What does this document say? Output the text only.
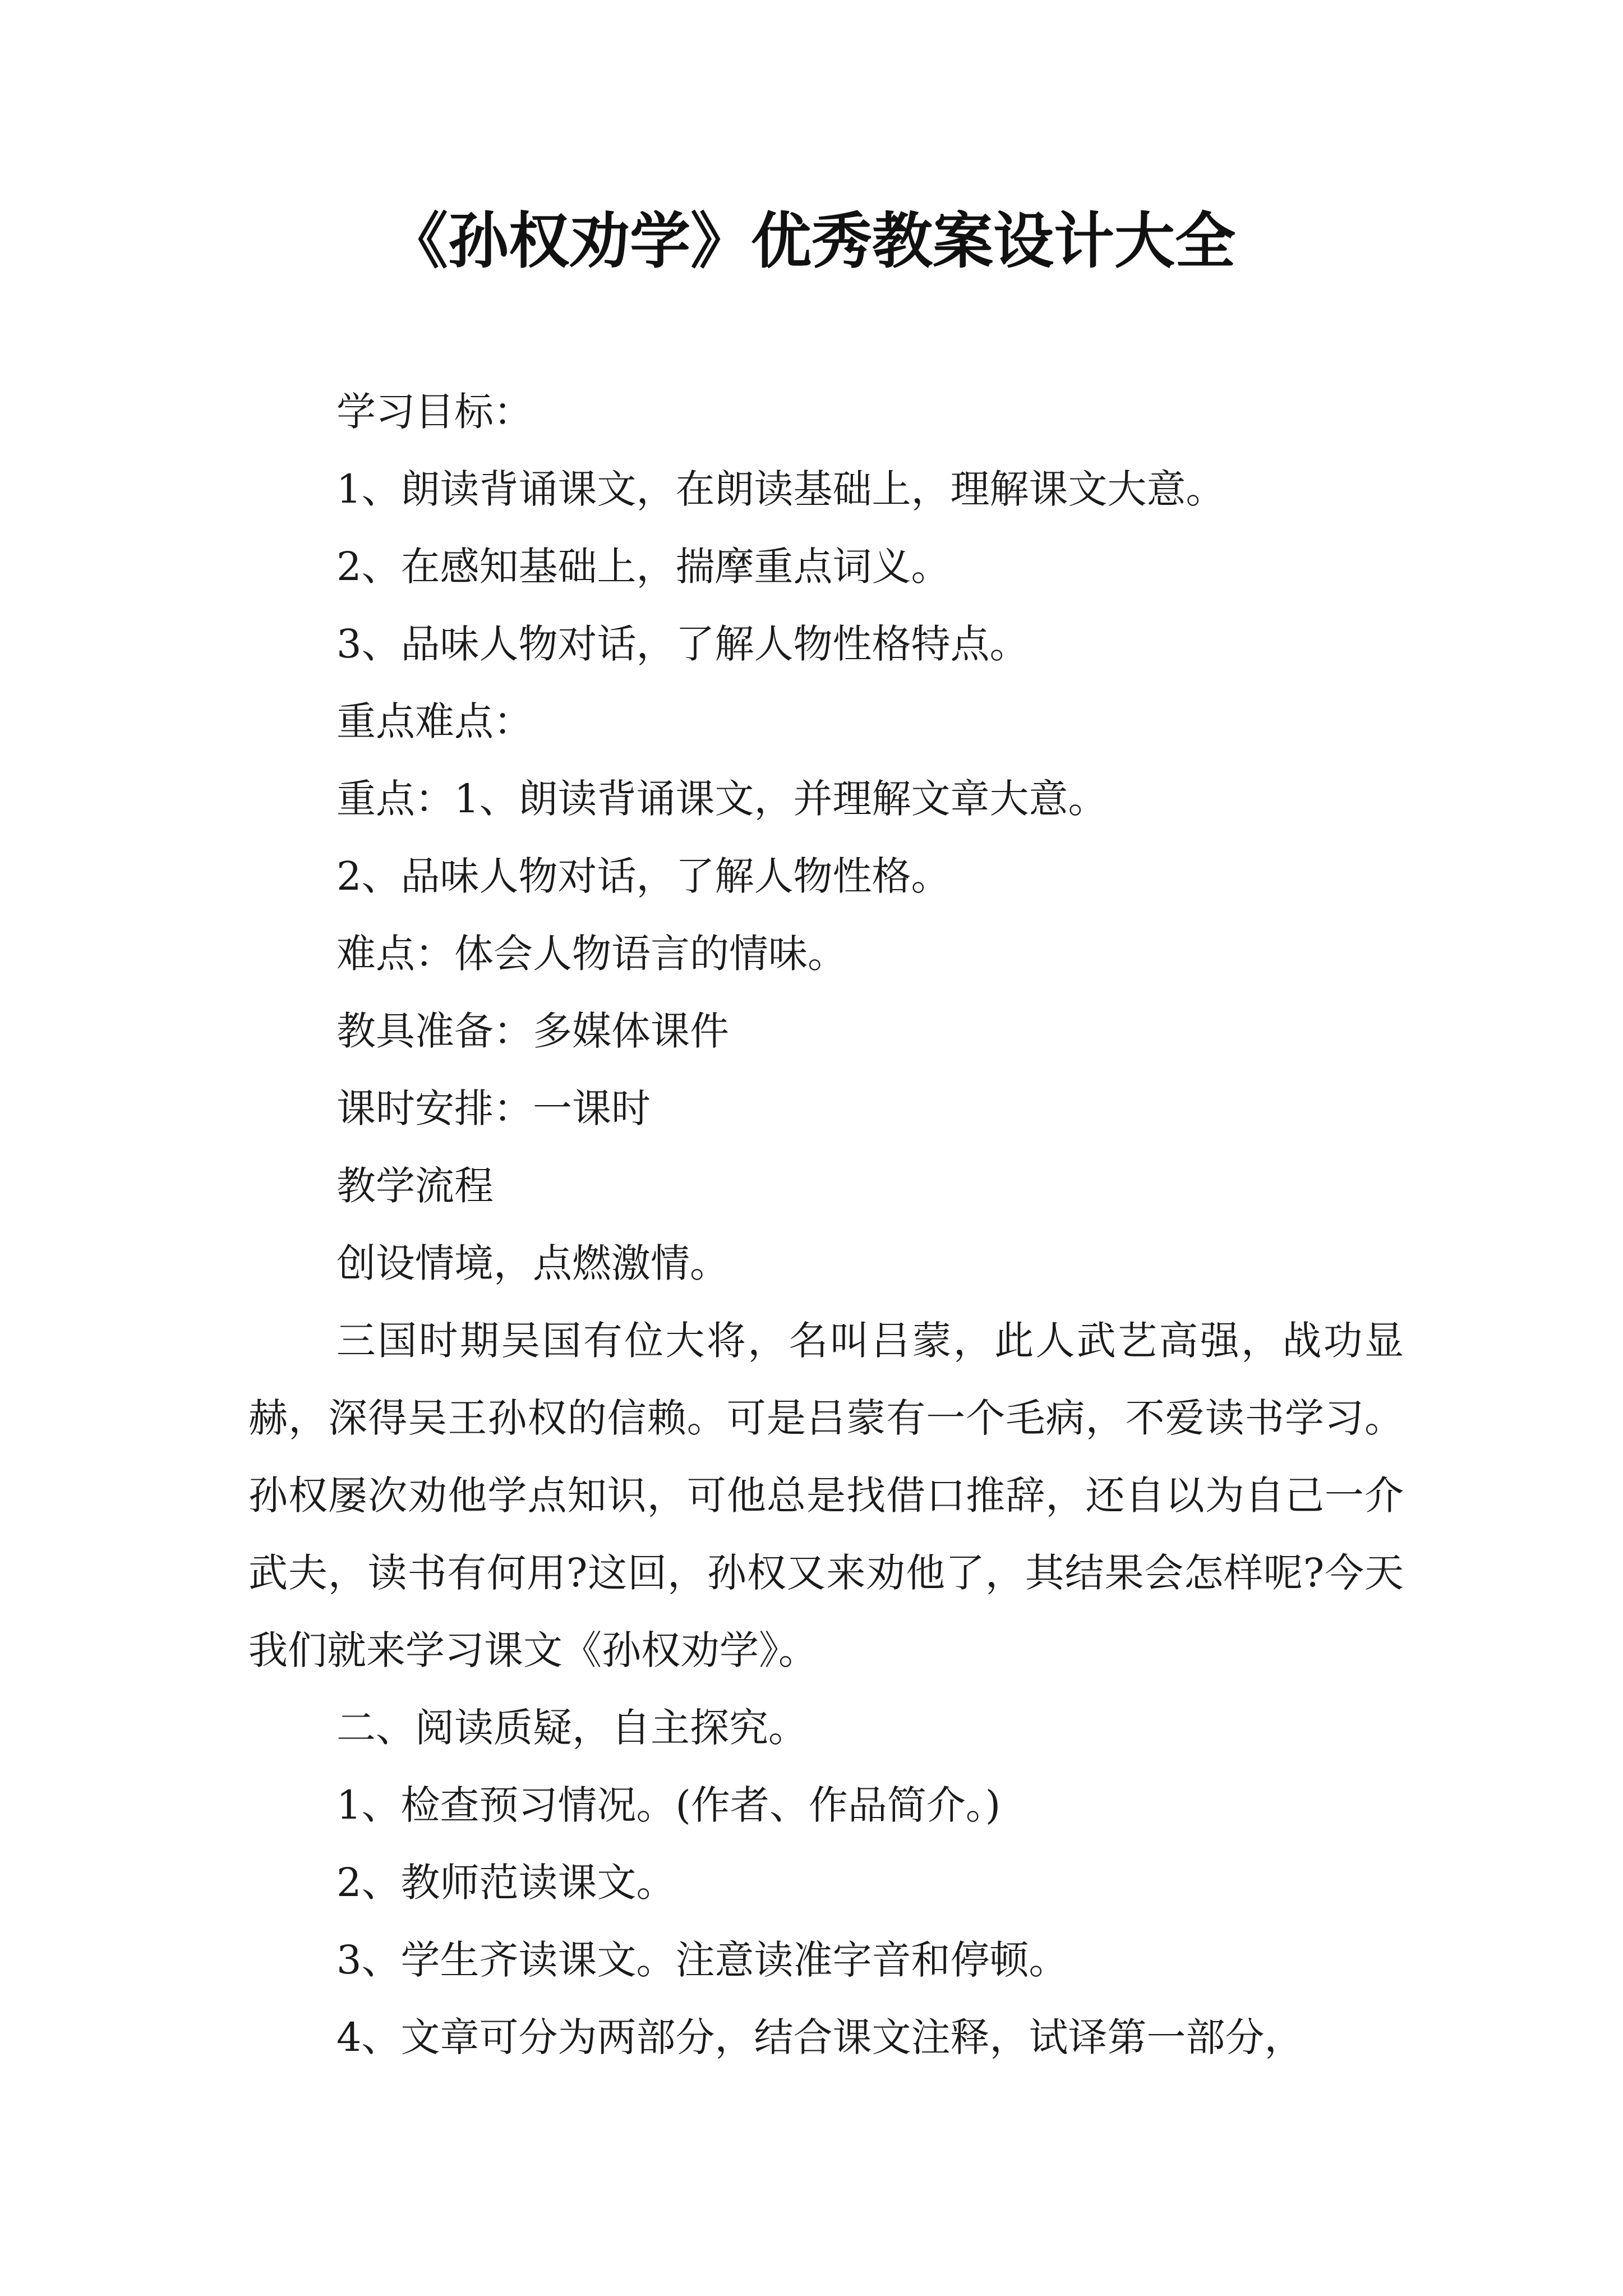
《孙权劝学》优秀教案设计大全

学习目标：

1、朗读背诵课文，在朗读基础上，理解课文大意。

2、在感知基础上，揣摩重点词义。

3、品味人物对话，了解人物性格特点。

重点难点：

重点：1、朗读背诵课文，并理解文章大意。

2、品味人物对话，了解人物性格。

难点：体会人物语言的情味。

教具准备：多媒体课件

课时安排：一课时

教学流程

创设情境，点燃激情。

三国时期吴国有位大将，名叫吕蒙，此人武艺高强，战功显赫，深得吴王孙权的信赖。可是吕蒙有一个毛病，不爱读书学习。孙权屡次劝他学点知识，可他总是找借口推辞，还自以为自己一介武夫，读书有何用?这回，孙权又来劝他了，其结果会怎样呢?今天我们就来学习课文《孙权劝学》。

二、阅读质疑，自主探究。

1、检查预习情况。(作者、作品简介。)

2、教师范读课文。

3、学生齐读课文。注意读准字音和停顿。

4、文章可分为两部分，结合课文注释，试译第一部分，
